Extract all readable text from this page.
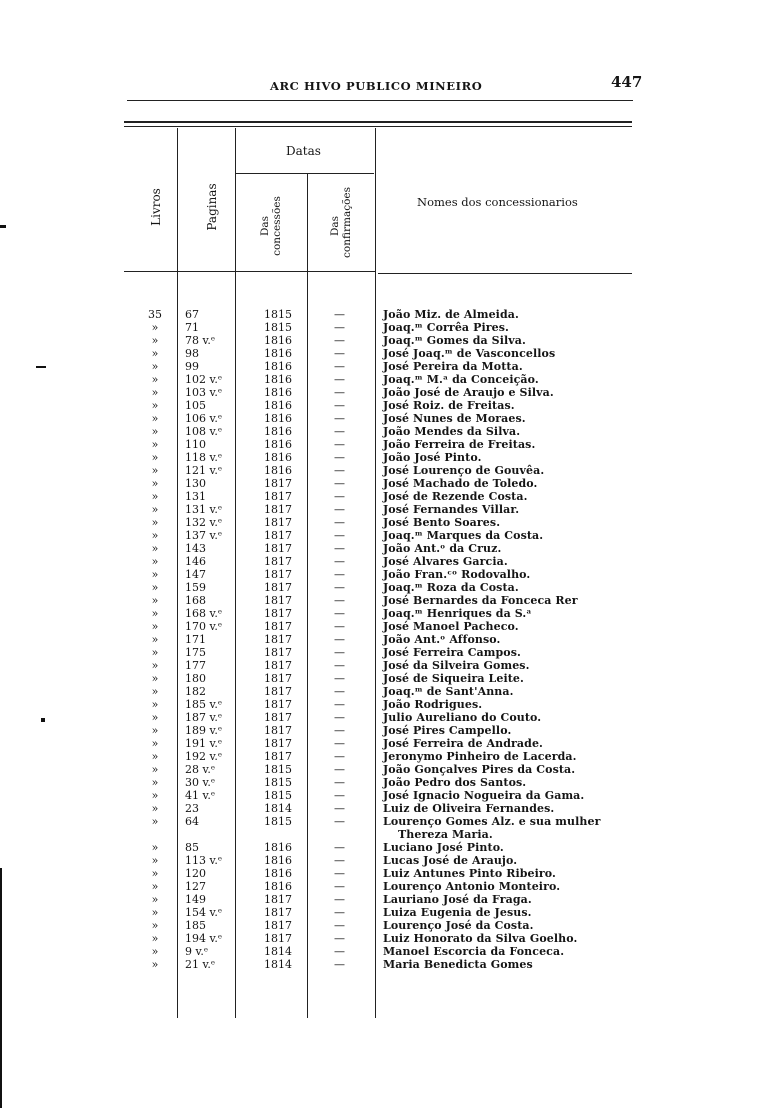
ARC HIVO PUBLICO MINEIRO	447
Datas
Livros	Paginas	Das concessões	Das confirmações	Nomes dos concessionarios
35	67	1815	—	João Miz. de Almeida.
»	71	1815	—	Joaq.ᵐ Corrêa Pires.
»	78 v.ᵉ	1816	—	Joaq.ᵐ Gomes da Silva.
»	98	1816	—	José Joaq.ᵐ de Vasconcellos
»	99	1816	—	José Pereira da Motta.
»	102 v.ᵉ	1816	—	Joaq.ᵐ M.ᵃ da Conceição.
»	103 v.ᵉ	1816	—	João José de Araujo e Silva.
»	105	1816	—	José Roiz. de Freitas.
»	106 v.ᵉ	1816	—	José Nunes de Moraes.
»	108 v.ᵉ	1816	—	João Mendes da Silva.
»	110	1816	—	João Ferreira de Freitas.
»	118 v.ᵉ	1816	—	João José Pinto.
»	121 v.ᵉ	1816	—	José Lourenço de Gouvêa.
»	130	1817	—	José Machado de Toledo.
»	131	1817	—	José de Rezende Costa.
»	131 v.ᵉ	1817	—	José Fernandes Villar.
»	132 v.ᵉ	1817	—	José Bento Soares.
»	137 v.ᵉ	1817	—	Joaq.ᵐ Marques da Costa.
»	143	1817	—	João Ant.ᵒ da Cruz.
»	146	1817	—	José Alvares Garcia.
»	147	1817	—	João Fran.ᶜᵒ Rodovalho.
»	159	1817	—	Joaq.ᵐ Roza da Costa.
»	168	1817	—	José Bernardes da Fonceca Rer
»	168 v.ᵉ	1817	—	Joaq.ᵐ Henriques da S.ᵃ
»	170 v.ᵉ	1817	—	José Manoel Pacheco.
»	171	1817	—	João Ant.ᵒ Affonso.
»	175	1817	—	José Ferreira Campos.
»	177	1817	—	José da Silveira Gomes.
»	180	1817	—	José de Siqueira Leite.
»	182	1817	—	Joaq.ᵐ de Sant'Anna.
»	185 v.ᵉ	1817	—	João Rodrigues.
»	187 v.ᵉ	1817	—	Julio Aureliano do Couto.
»	189 v.ᵉ	1817	—	José Pires Campello.
»	191 v.ᵉ	1817	—	José Ferreira de Andrade.
»	192 v.ᵉ	1817	—	Jeronymo Pinheiro de Lacerda.
»	28 v.ᵉ	1815	—	João Gonçalves Pires da Costa.
»	30 v.ᵉ	1815	—	João Pedro dos Santos.
»	41 v.ᵉ	1815	—	José Ignacio Nogueira da Gama.
»	23	1814	—	Luiz de Oliveira Fernandes.
»	64	1815	—	Lourenço Gomes Alz. e sua mulher
Thereza Maria.
»	85	1816	—	Luciano José Pinto.
»	113 v.ᵉ	1816	—	Lucas José de Araujo.
»	120	1816	—	Luiz Antunes Pinto Ribeiro.
»	127	1816	—	Lourenço Antonio Monteiro.
»	149	1817	—	Lauriano José da Fraga.
»	154 v.ᵉ	1817	—	Luiza Eugenia de Jesus.
»	185	1817	—	Lourenço José da Costa.
»	194 v.ᵉ	1817	—	Luiz Honorato da Silva Goelho.
»	9 v.ᵉ	1814	—	Manoel Escorcia da Fonceca.
»	21 v.ᵉ	1814	—	Maria Benedicta Gomes
